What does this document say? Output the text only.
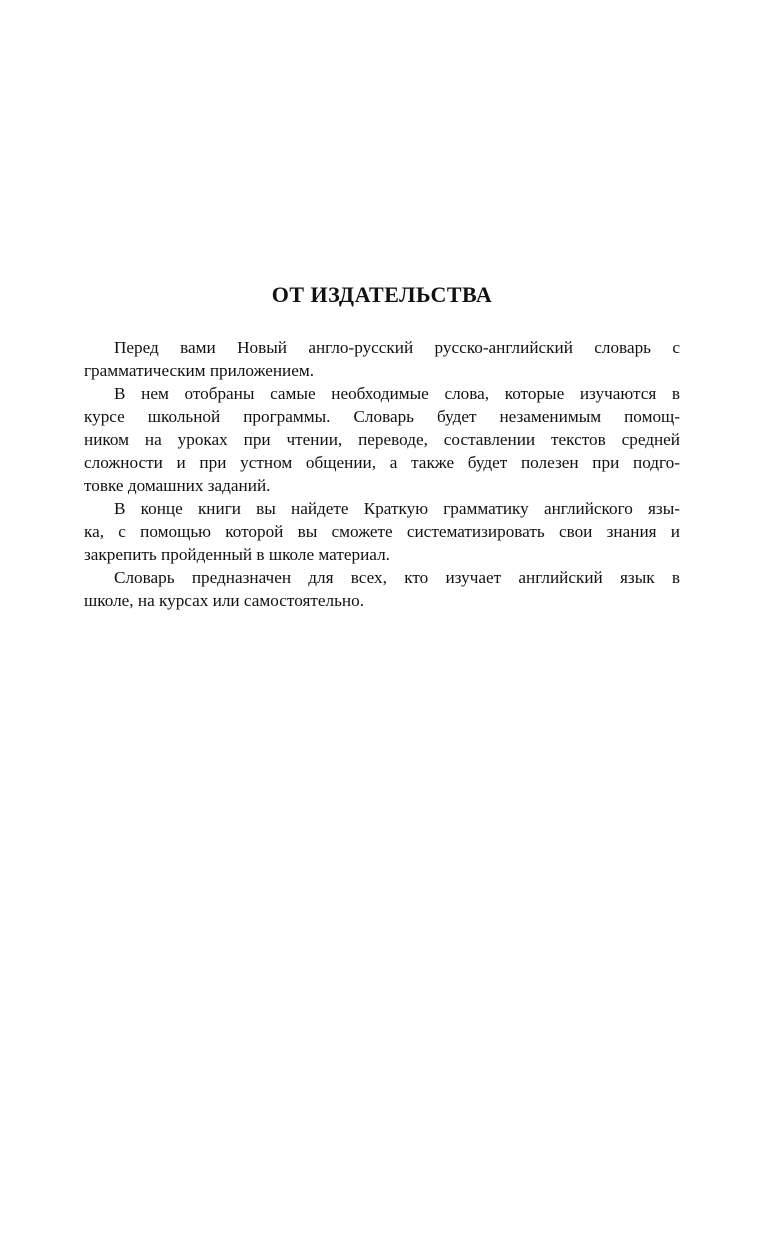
ОТ ИЗДАТЕЛЬСТВА
Перед вами Новый англо-русский русско-английский словарь с
грамматическим приложением.
В нем отобраны самые необходимые слова, которые изучаются в
курсе школьной программы. Словарь будет незаменимым помощ-
ником на уроках при чтении, переводе, составлении текстов средней
сложности и при устном общении, а также будет полезен при подго-
товке домашних заданий.
В конце книги вы найдете Краткую грамматику английского язы-
ка, с помощью которой вы сможете систематизировать свои знания и
закрепить пройденный в школе материал.
Словарь предназначен для всех, кто изучает английский язык в
школе, на курсах или самостоятельно.
